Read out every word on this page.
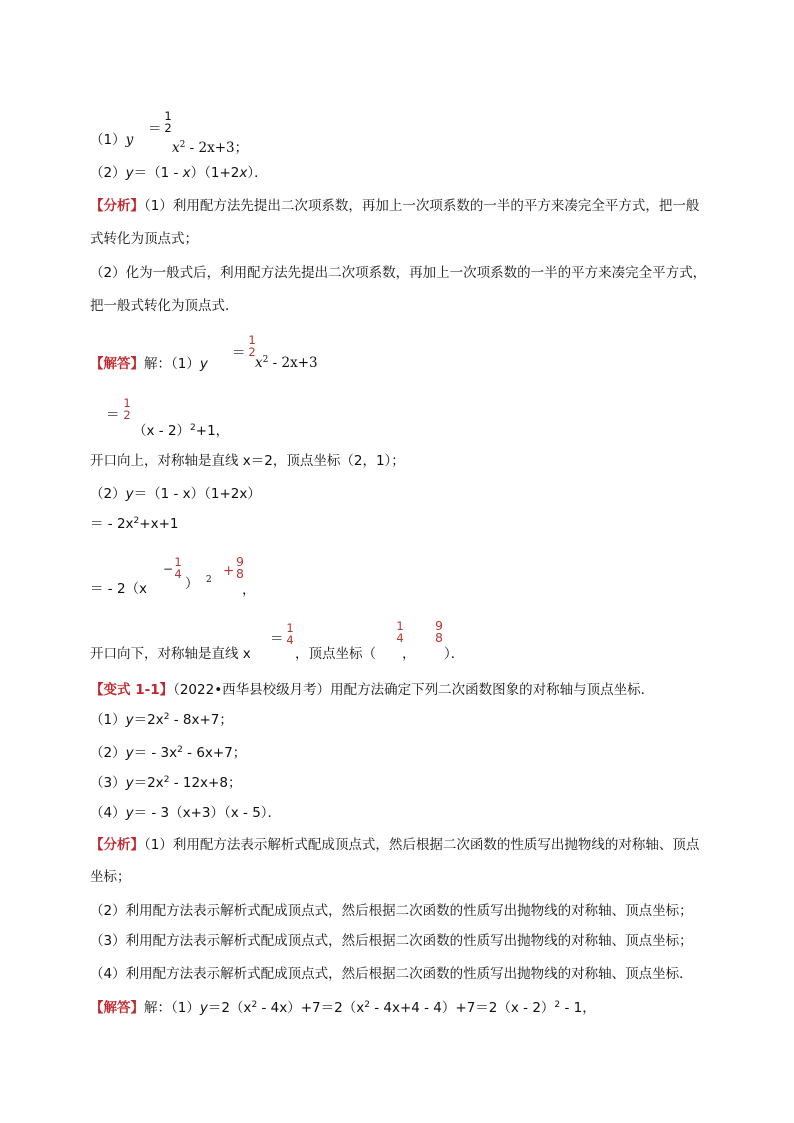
（1）y
＝
1
2
$x^2 - 2x+3$；
（2）y＝（1 - x）（1+2x）．
【分析】（1）利用配方法先提出二次项系数，再加上一次项系数的一半的平方来凑完全平方式，把一般
式转化为顶点式；
（2）化为一般式后，利用配方法先提出二次项系数，再加上一次项系数的一半的平方来凑完全平方式，
把一般式转化为顶点式．
【解答】解：（1）y
＝
1
2
$x^2 - 2x+3$
＝
1
2
（x - 2）$^2$+1，
开口向上，对称轴是直线 x＝2，顶点坐标（2，1）；
（2）y＝（1 - x）（1+2x）
＝ - $2x^2+x+1$
＝ - 2（x
− 1
4
） 2
+
9
8
，
开口向下，对称轴是直线 x
＝
1
4
，顶点坐标（
1
4
，
9
8
）．
【变式 1-1】（2022•西华县校级月考）用配方法确定下列二次函数图象的对称轴与顶点坐标．
$(1)y=2x^2 - 8x+7$；
$(2)y= - 3x^2 - 6x+7$；
$(3)y=2x^2 - 12x+8$；
（4）y＝ - 3（x+3）（x - 5）．
【分析】（1）利用配方法表示解析式配成顶点式，然后根据二次函数的性质写出抛物线的对称轴、顶点
坐标；
（2）利用配方法表示解析式配成顶点式，然后根据二次函数的性质写出抛物线的对称轴、顶点坐标；
（3）利用配方法表示解析式配成顶点式，然后根据二次函数的性质写出抛物线的对称轴、顶点坐标；
（4）利用配方法表示解析式配成顶点式，然后根据二次函数的性质写出抛物线的对称轴、顶点坐标．
【解答】解：$(1)y=2(x^2 - 4x)+7=2(x^2 - 4x+4 - 4)+7=2(x - 2)^2 - 1$，
